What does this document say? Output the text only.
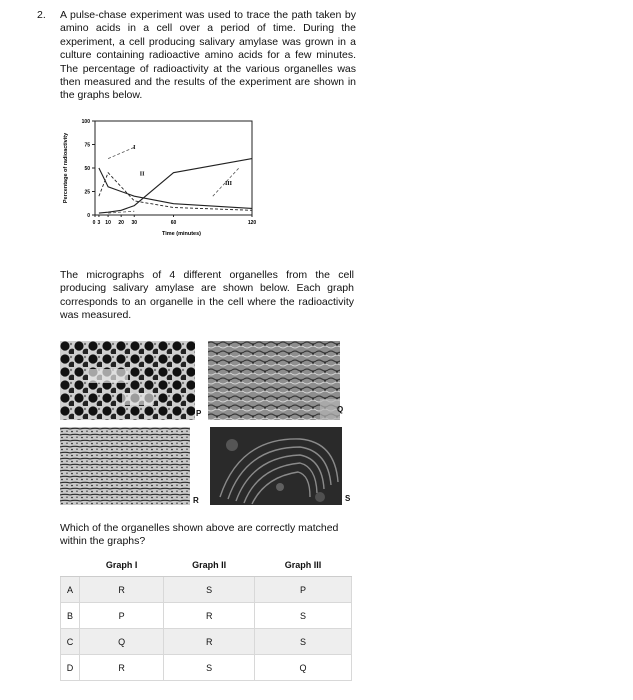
2. A pulse-chase experiment was used to trace the path taken by amino acids in a cell over a period of time. During the experiment, a cell producing salivary amylase was grown in a culture containing radioactive amino acids for a few minutes. The percentage of radioactivity at the various organelles was then measured and the results of the experiment are shown in the graphs below.
0
25
50
75
100
0 3 10 20 30	60	120
Time (minutes)
Percentage of radioactivity	I
II
III
The micrographs of 4 different organelles from the cell producing salivary amylase are shown below. Each graph corresponds to an organelle in the cell where the radioactivity was measured.
P	Q
R	S
Which of the organelles shown above are correctly matched within the graphs?
	Graph I	Graph II	Graph III
A	R	S	P
B	P	R	S
C	Q	R	S
D	R	S	Q
